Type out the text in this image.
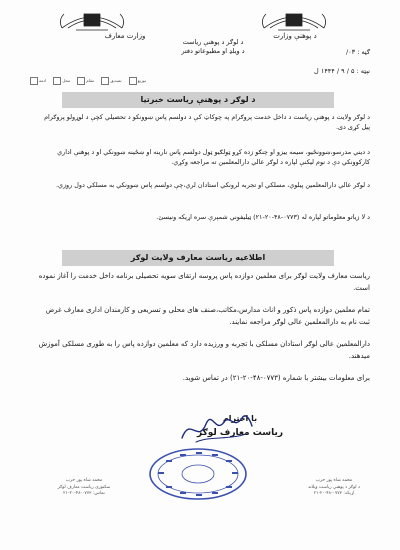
د پوهنې وزارت
وزارت معارف
د لوګر د پوهنې رياست
د ويلډ او مطبوعاتو دفتر	ګڼه : ۰۳/
نېټه : ۵ / ۹ / ۱۴۴۴ ل
ادمه	محل	مقام	تصدیق	توزیع
د لوګر د پوهنې رياست خبرتيا

د لوګر ولايت د پوهنې رياست د داخل خدمت پروګرام په چوکاټ کې د دولسم پاس ښوونکو د تحصيلي کچې د لوړولو پروګرام پيل کړی دی.

د ديني مدرسو،ښوونځيو، سيمه ييزو او چنګو زده کړو ټولګيو ټول دولسم پاس نارينه او ښځينه ښوونکي او د پوهنې اداري کارکوونکي دې د نوم ليکنې لپاره د لوګر عالي دارالمعلمين ته مراجعه وکړي.

د لوګر عالي دارالمعلمين پيلوي، مسلکي او تجربه لرونکي استادان لري،چې دولسم پاس ښوونکي به مسلکي دول روزي.

د لا زياتو معلوماتو لپاره له (۰۷۷۳-۴۸-۲۰-۲۱) ټيليفوني شمېرې سره اړيکه ونيسئ.

اطلاعيه رياست معارف ولايت لوګر

رياست معارف ولايت لوګر براى معلمين دوازده پاس پروسه ارتقاى سويه تحصيلى برنامه داخل خدمت را آغاز نموده است.

تمام معلمين دوازده پاس ذکور و اناث مدارس،مکاتب،صنف هاى محلى و تسريعى و کارمندان ادارى معارف غرض ثبت نام به دارالمعلمين عالى لوګر مراجعه نمايند.

دارالمعلمين عالى لوګر استادان مسلکى با تجربه و ورزيده دارد که معلمين دوازده پاس را به طورى مسلکى آموزش ميدهند.

براى معلومات بيشتر با شماره (۰۷۷۳-۴۸-۲۰-۲۱) در تماس شويد.

با احترام
رياست معارف لوګر
محمد شاه پور حرب
سکتوری رياست معارف لوګر
تماس: ۰۷۷۳-۴۸-۲۰-۲۱
محمد شاه پور حرب
د لوګر د پوهنې رياست ويلاند
اړيکه: ۰۷۷۳-۴۸-۲۰-۲۱
